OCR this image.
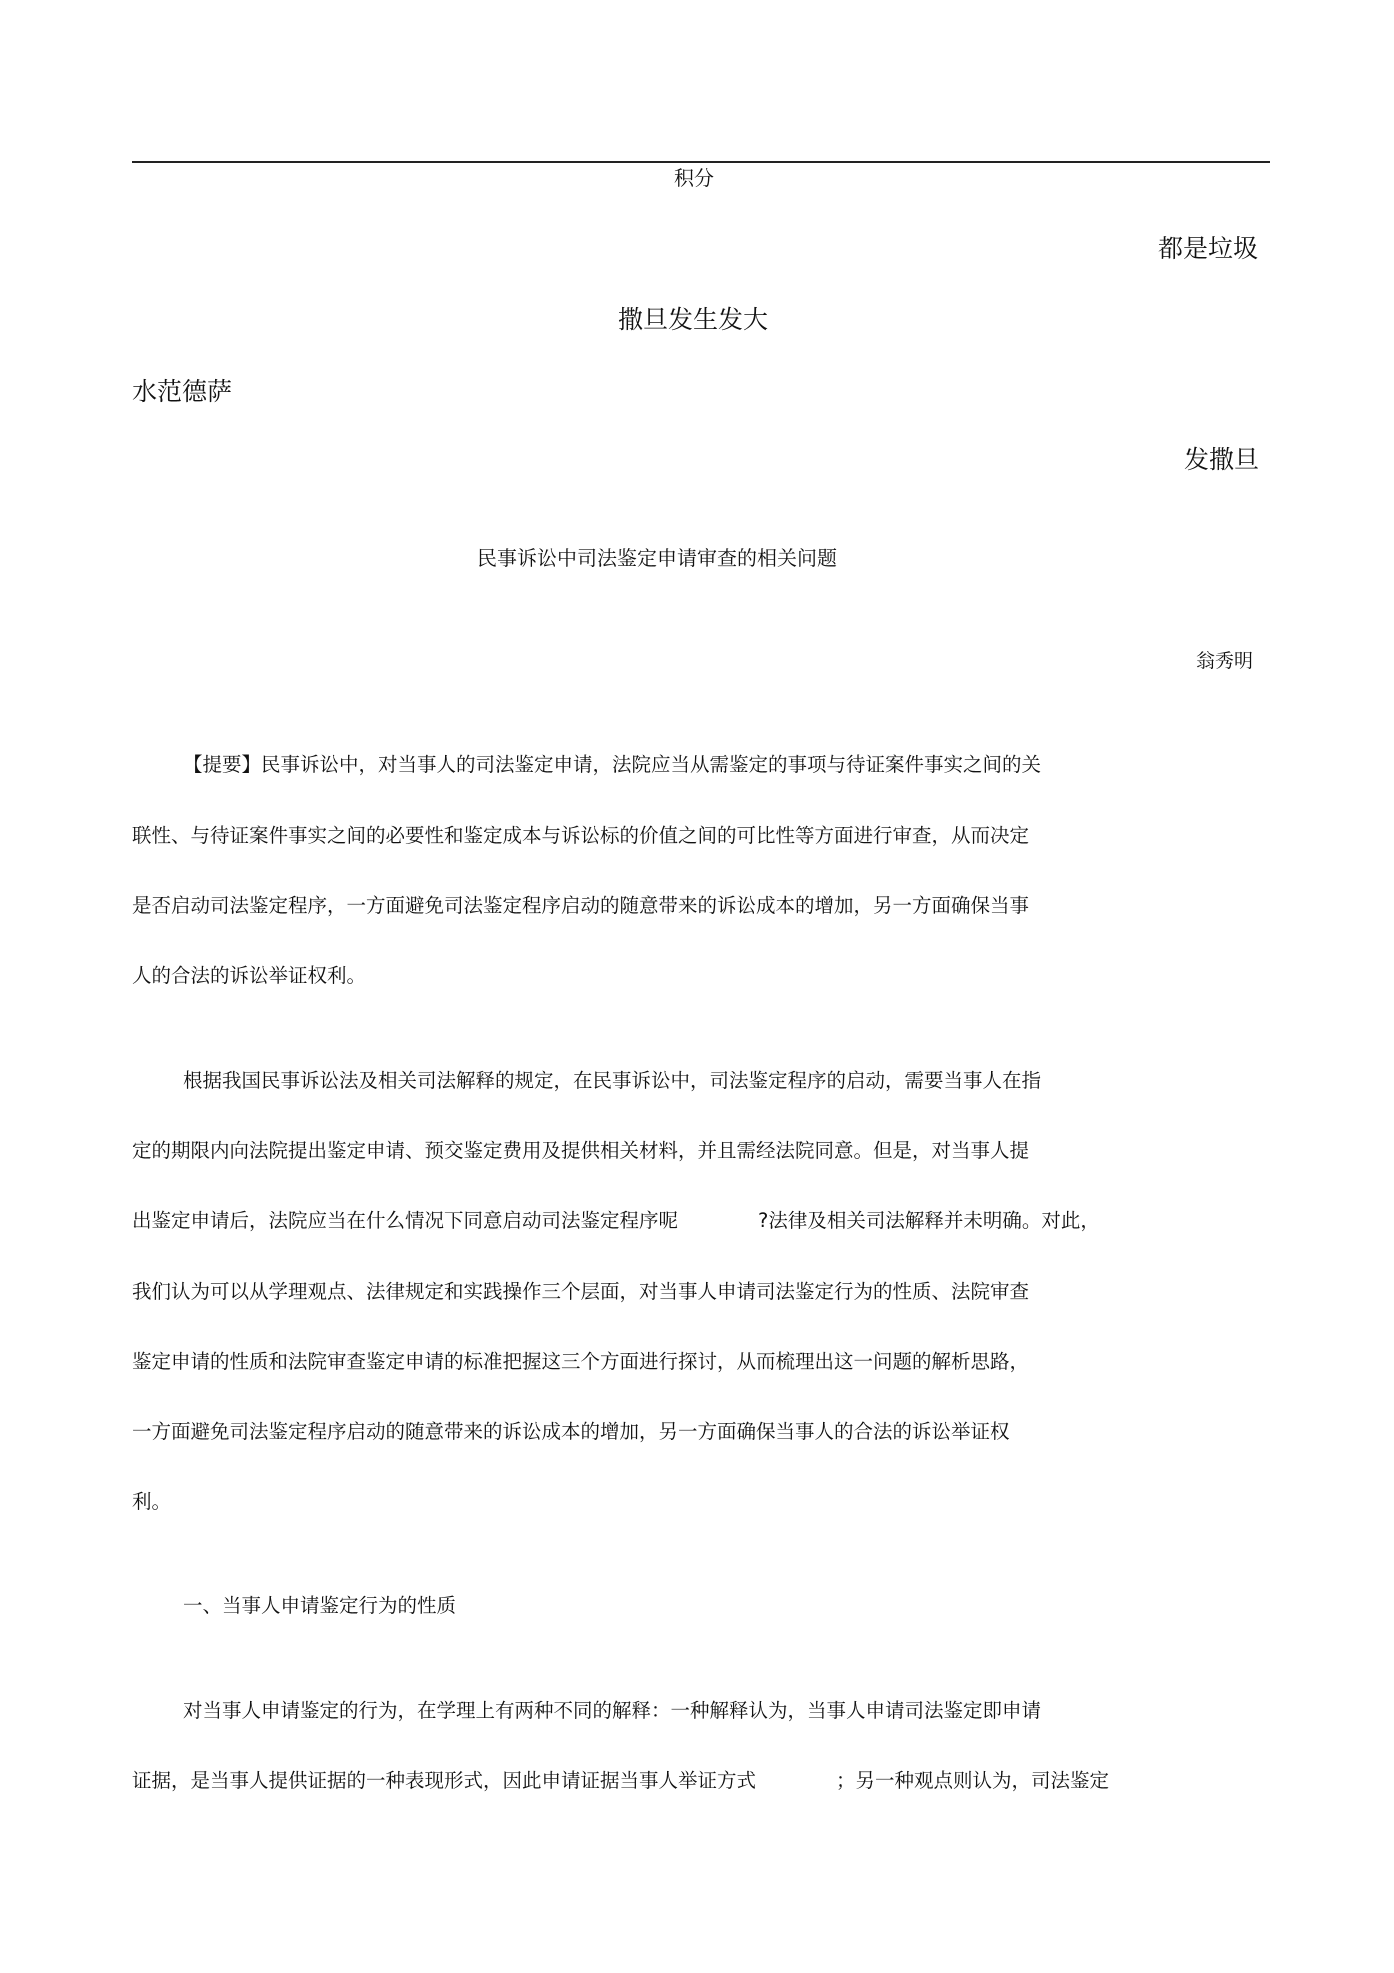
积分
都是垃圾
撒旦发生发大
水范德萨
发撒旦
民事诉讼中司法鉴定申请审查的相关问题
翁秀明
【提要】民事诉讼中，对当事人的司法鉴定申请，法院应当从需鉴定的事项与待证案件事实之间的关
联性、与待证案件事实之间的必要性和鉴定成本与诉讼标的价值之间的可比性等方面进行审查，从而决定
是否启动司法鉴定程序，一方面避免司法鉴定程序启动的随意带来的诉讼成本的增加，另一方面确保当事
人的合法的诉讼举证权利。
根据我国民事诉讼法及相关司法解释的规定，在民事诉讼中，司法鉴定程序的启动，需要当事人在指
定的期限内向法院提出鉴定申请、预交鉴定费用及提供相关材料，并且需经法院同意。但是，对当事人提
出鉴定申请后，法院应当在什么情况下同意启动司法鉴定程序呢	?法律及相关司法解释并未明确。对此，
我们认为可以从学理观点、法律规定和实践操作三个层面，对当事人申请司法鉴定行为的性质、法院审查
鉴定申请的性质和法院审查鉴定申请的标准把握这三个方面进行探讨，从而梳理出这一问题的解析思路，
一方面避免司法鉴定程序启动的随意带来的诉讼成本的增加，另一方面确保当事人的合法的诉讼举证权
利。
一、当事人申请鉴定行为的性质
对当事人申请鉴定的行为，在学理上有两种不同的解释：一种解释认为，当事人申请司法鉴定即申请
证据，是当事人提供证据的一种表现形式，因此申请证据当事人举证方式	；另一种观点则认为，司法鉴定
